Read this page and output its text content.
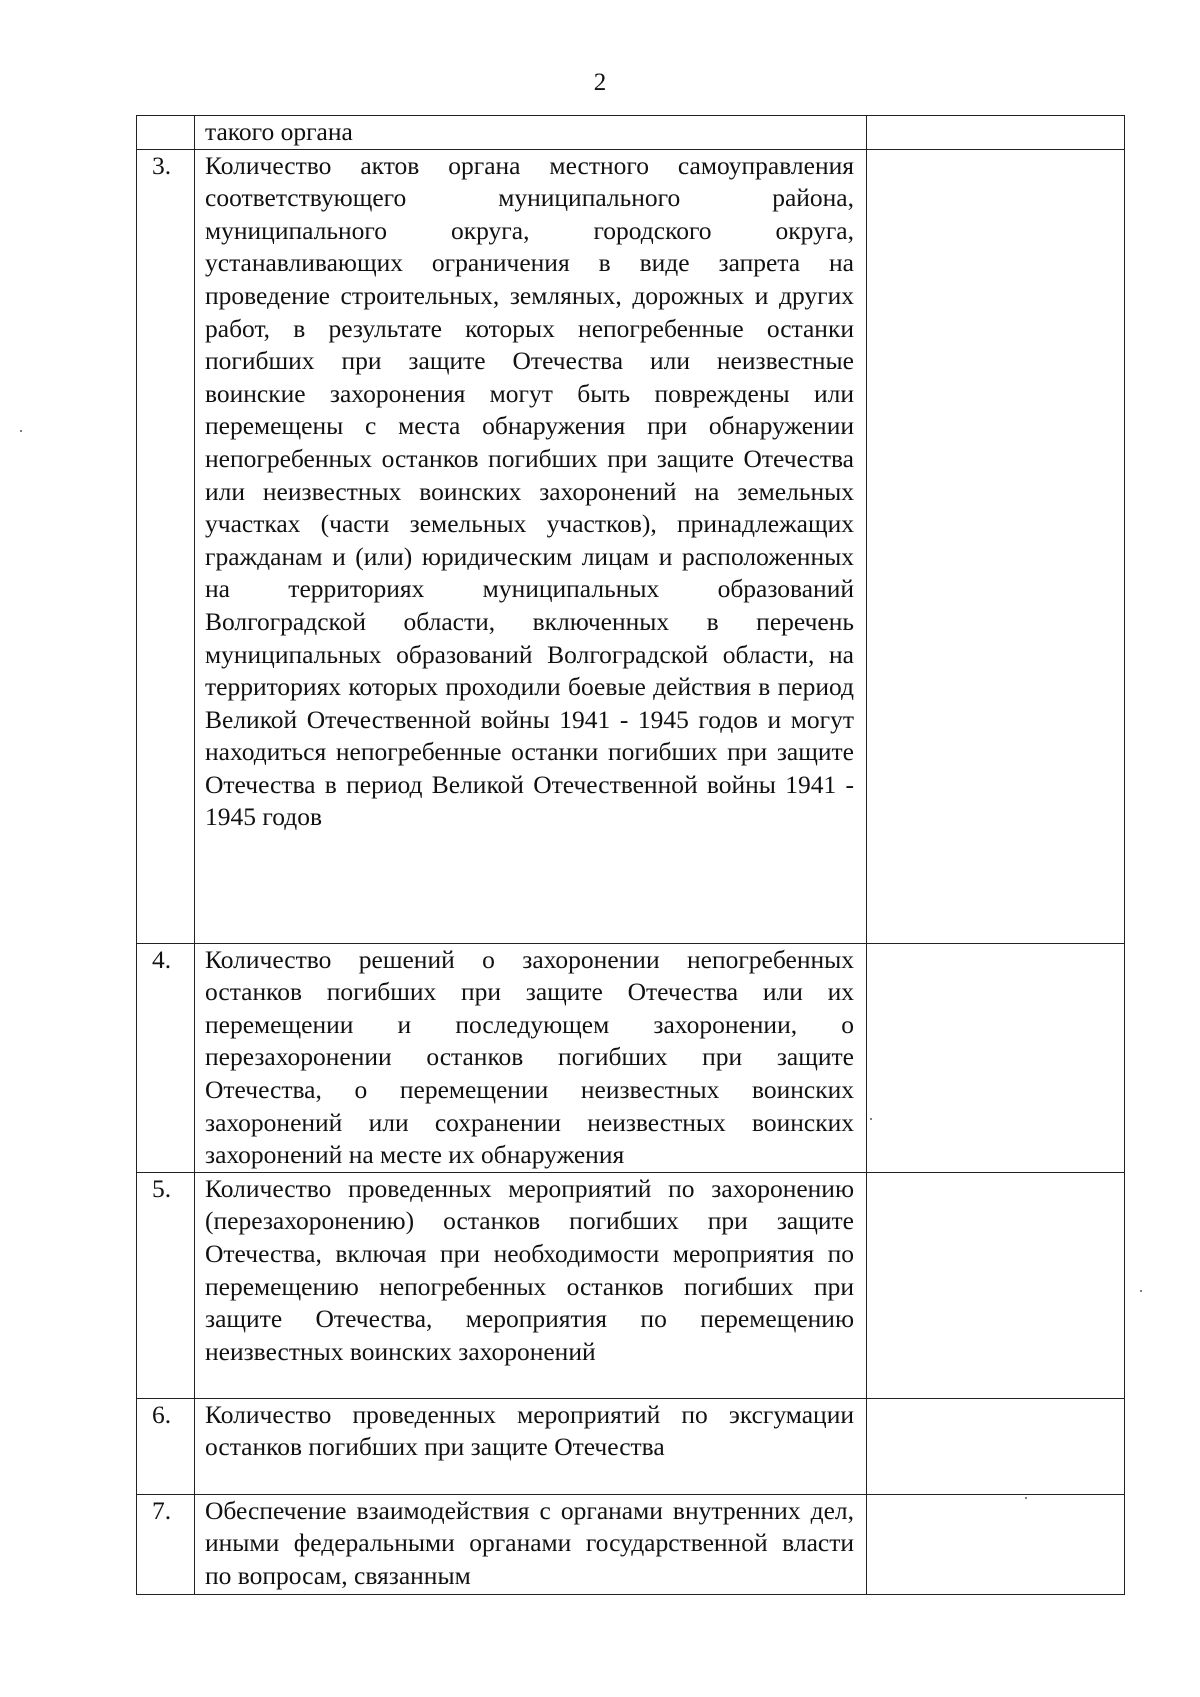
2

	такого органа	

3.	Количество актов органа местного самоуправления соответствующего муниципального района, муниципального округа, городского округа, устанавливающих ограничения в виде запрета на проведение строительных, земляных, дорожных и других работ, в результате которых непогребенные останки погибших при защите Отечества или неизвестные воинские захоронения могут быть повреждены или перемещены с места обнаружения при обнаружении непогребенных останков погибших при защите Отечества или неизвестных воинских захоронений на земельных участках (части земельных участков), принадлежащих гражданам и (или) юридическим лицам и расположенных на территориях муниципальных образований Волгоградской области, включенных в перечень муниципальных образований Волгоградской области, на территориях которых проходили боевые действия в период Великой Отечественной войны 1941 - 1945 годов и могут находиться непогребенные останки погибших при защите Отечества в период Великой Отечественной войны 1941 - 1945 годов	

4.	Количество решений о захоронении непогребенных останков погибших при защите Отечества или их перемещении и последующем захоронении, о перезахоронении останков погибших при защите Отечества, о перемещении неизвестных воинских захоронений или сохранении неизвестных воинских захоронений на месте их обнаружения	

5.	Количество проведенных мероприятий по захоронению (перезахоронению) останков погибших при защите Отечества, включая при необходимости мероприятия по перемещению непогребенных останков погибших при защите Отечества, мероприятия по перемещению неизвестных воинских захоронений	

6.	Количество проведенных мероприятий по эксгумации останков погибших при защите Отечества	

7.	Обеспечение взаимодействия с органами внутренних дел, иными федеральными органами государственной власти по вопросам, связанным	
